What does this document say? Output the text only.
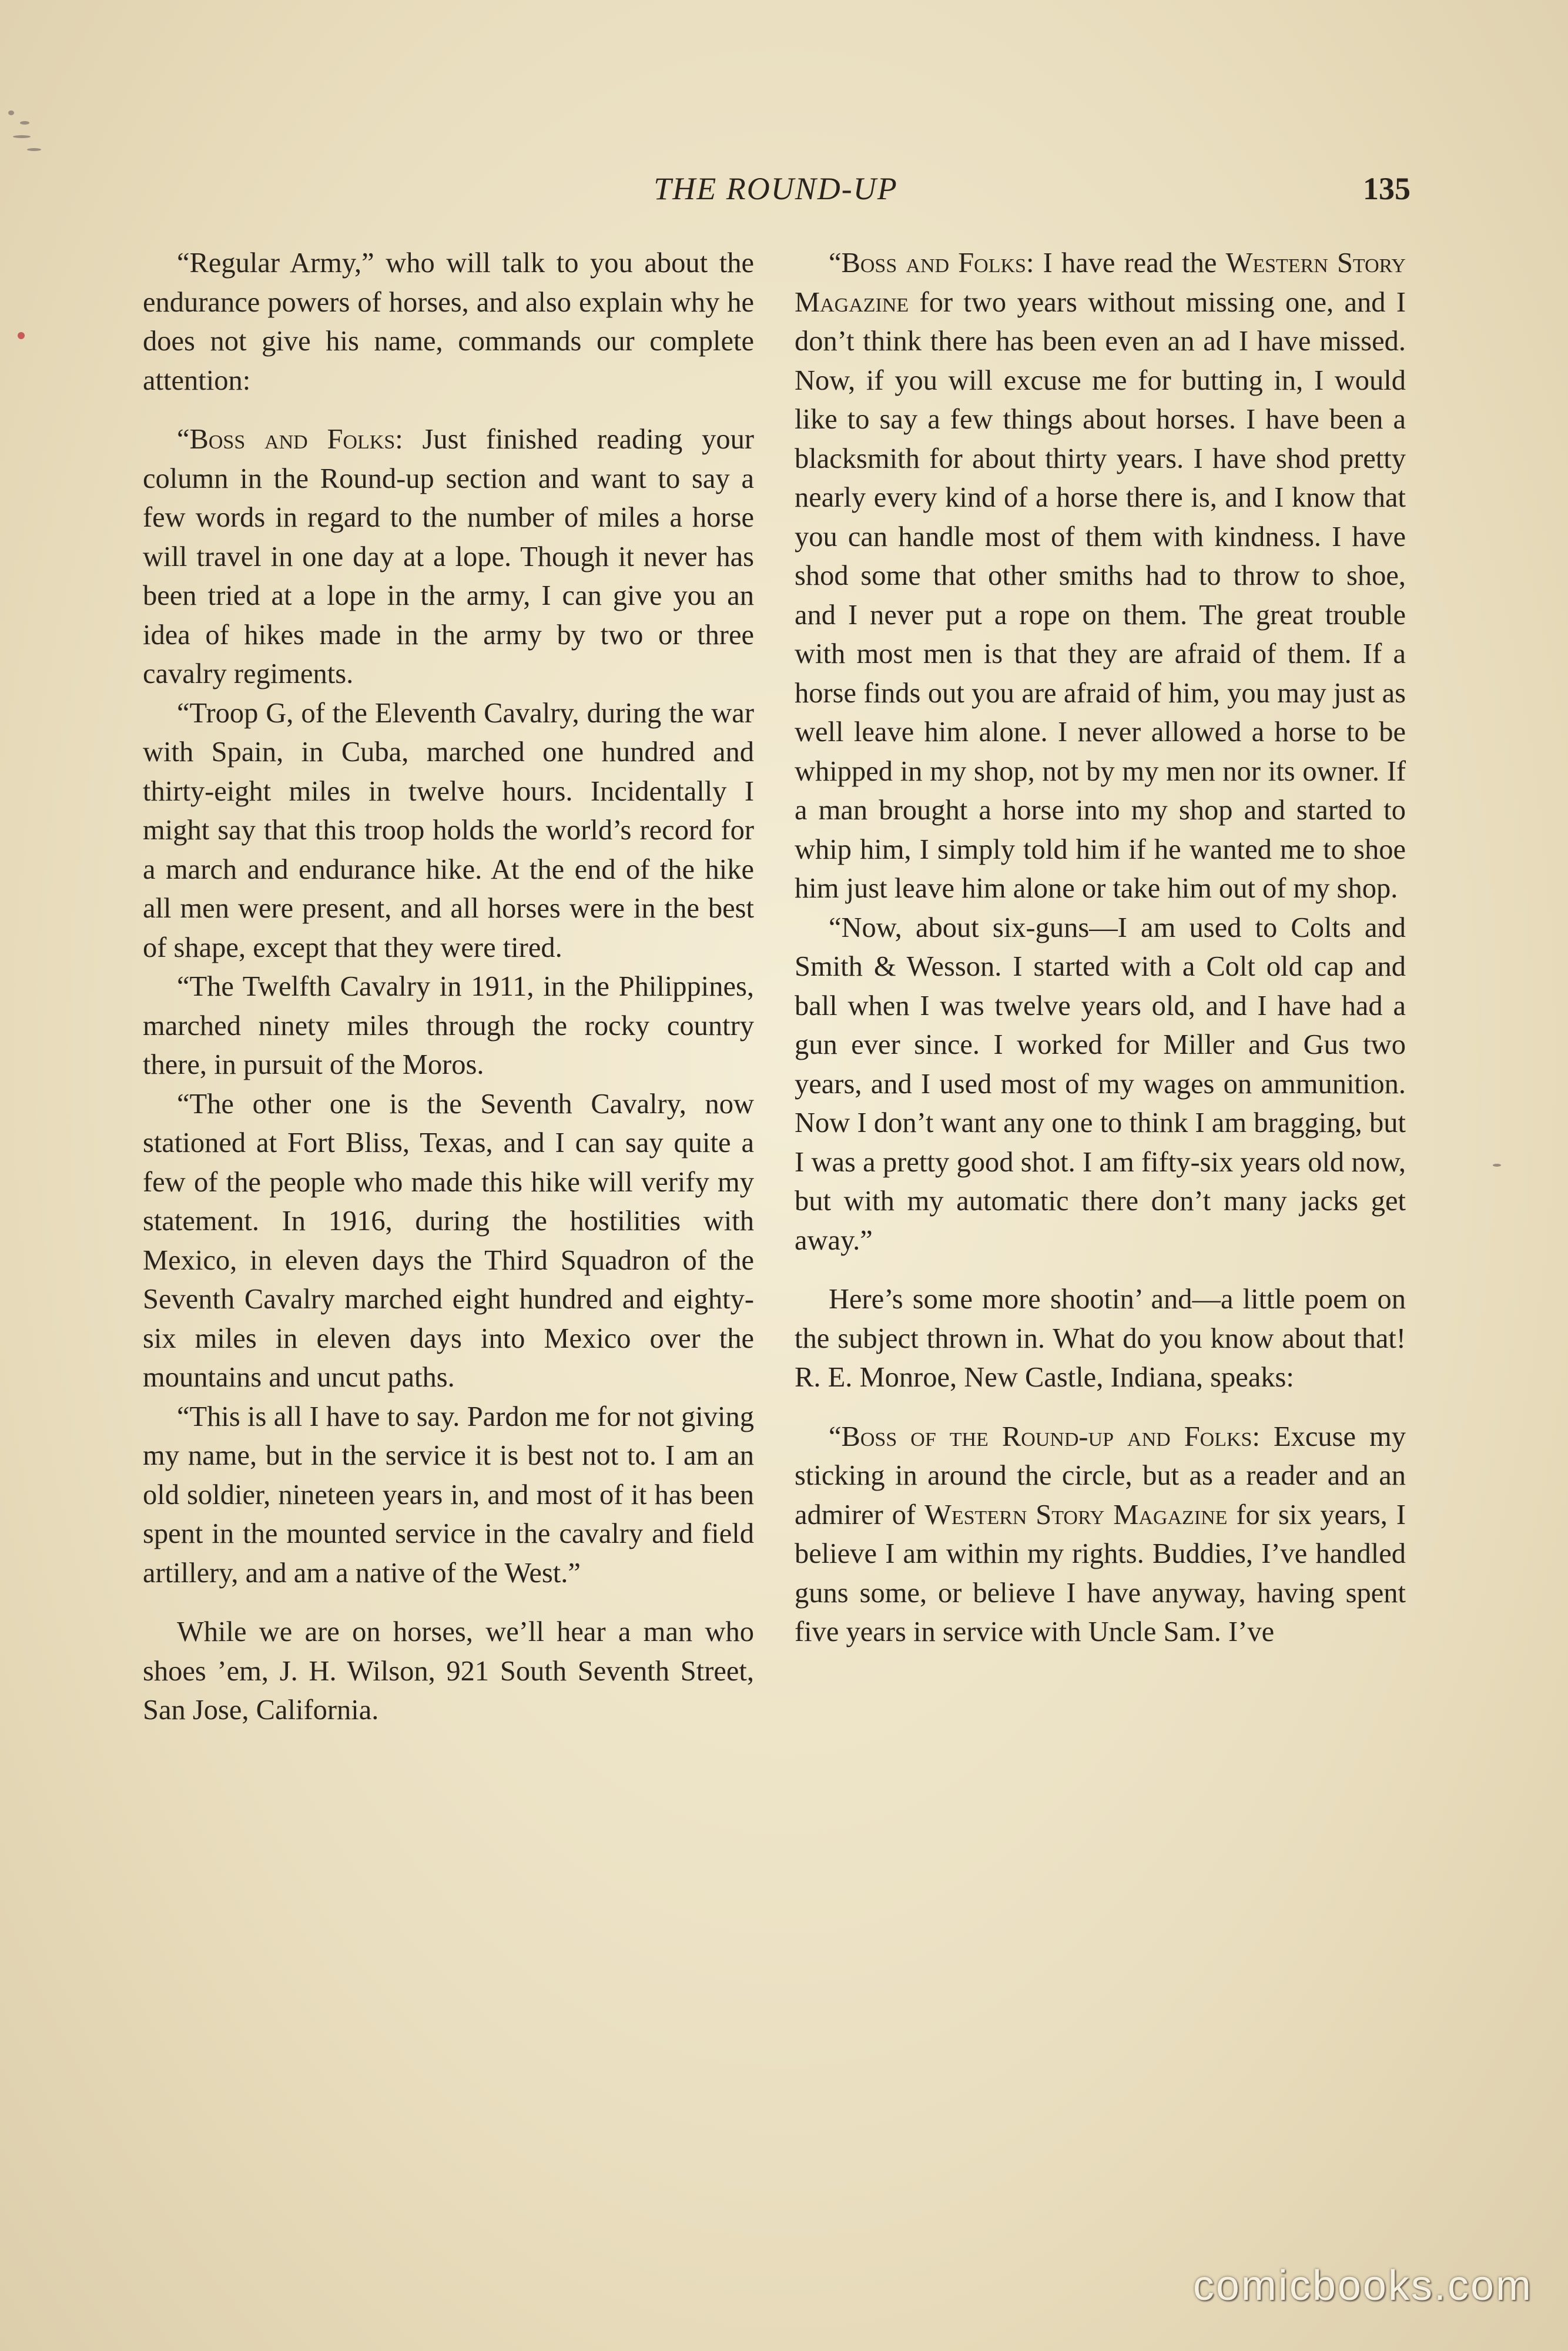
THE ROUND-UP	135

“Regular Army,” who will talk to you about the endurance powers of horses, and also explain why he does not give his name, commands our complete attention:

“Boss and Folks: Just finished reading your column in the Round-up section and want to say a few words in regard to the number of miles a horse will travel in one day at a lope. Though it never has been tried at a lope in the army, I can give you an idea of hikes made in the army by two or three cavalry regiments.

“Troop G, of the Eleventh Cavalry, during the war with Spain, in Cuba, marched one hundred and thirty-eight miles in twelve hours. Incidentally I might say that this troop holds the world’s record for a march and endurance hike. At the end of the hike all men were present, and all horses were in the best of shape, except that they were tired.

“The Twelfth Cavalry in 1911, in the Philippines, marched ninety miles through the rocky country there, in pursuit of the Moros.

“The other one is the Seventh Cavalry, now stationed at Fort Bliss, Texas, and I can say quite a few of the people who made this hike will verify my statement. In 1916, during the hostilities with Mexico, in eleven days the Third Squadron of the Seventh Cavalry marched eight hundred and eighty-six miles in eleven days into Mexico over the mountains and uncut paths.

“This is all I have to say. Pardon me for not giving my name, but in the service it is best not to. I am an old soldier, nineteen years in, and most of it has been spent in the mounted service in the cavalry and field artillery, and am a native of the West.”

While we are on horses, we’ll hear a man who shoes ’em, J. H. Wilson, 921 South Seventh Street, San Jose, California.

“Boss and Folks: I have read the Western Story Magazine for two years without missing one, and I don’t think there has been even an ad I have missed. Now, if you will excuse me for butting in, I would like to say a few things about horses. I have been a blacksmith for about thirty years. I have shod pretty nearly every kind of a horse there is, and I know that you can handle most of them with kindness. I have shod some that other smiths had to throw to shoe, and I never put a rope on them. The great trouble with most men is that they are afraid of them. If a horse finds out you are afraid of him, you may just as well leave him alone. I never allowed a horse to be whipped in my shop, not by my men nor its owner. If a man brought a horse into my shop and started to whip him, I simply told him if he wanted me to shoe him just leave him alone or take him out of my shop.

“Now, about six-guns—I am used to Colts and Smith & Wesson. I started with a Colt old cap and ball when I was twelve years old, and I have had a gun ever since. I worked for Miller and Gus two years, and I used most of my wages on ammunition. Now I don’t want any one to think I am bragging, but I was a pretty good shot. I am fifty-six years old now, but with my automatic there don’t many jacks get away.”

Here’s some more shootin’ and—a little poem on the subject thrown in. What do you know about that! R. E. Monroe, New Castle, Indiana, speaks:

“Boss of the Round-up and Folks: Excuse my sticking in around the circle, but as a reader and an admirer of Western Story Magazine for six years, I believe I am within my rights. Buddies, I’ve handled guns some, or believe I have anyway, having spent five years in service with Uncle Sam. I’ve

comicbooks.com
